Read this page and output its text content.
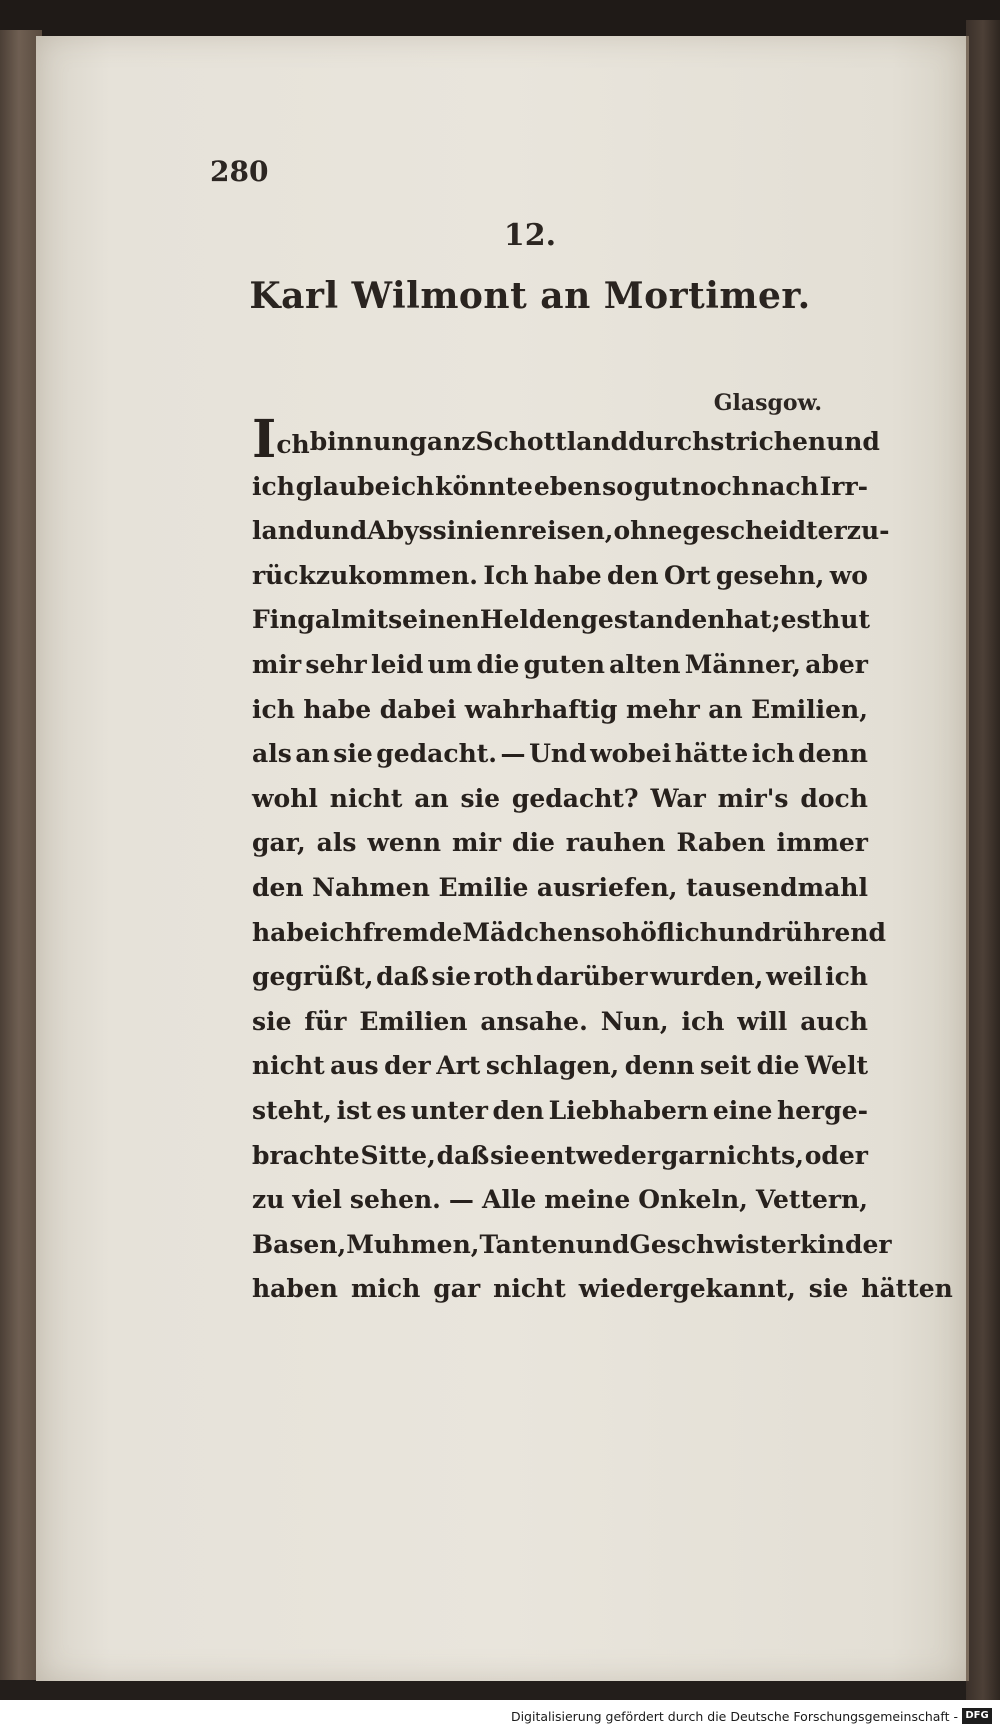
280
12.
Karl Wilmont an Mortimer.
Glasgow.
Ich bin nun ganz Schottland durchstrichen und
ich glaube ich könnte eben so gut noch nach Irr-
land und Abyssinien reisen, ohne gescheidter zu-
rückzukommen. Ich habe den Ort gesehn, wo
Fingal mit seinen Helden gestanden hat; es thut
mir sehr leid um die guten alten Männer, aber
ich habe dabei wahrhaftig mehr an Emilien,
als an sie gedacht. — Und wobei hätte ich denn
wohl nicht an sie gedacht? War mir's doch
gar, als wenn mir die rauhen Raben immer
den Nahmen Emilie ausriefen, tausendmahl
habe ich fremde Mädchen so höflich und rührend
gegrüßt, daß sie roth darüber wurden, weil ich
sie für Emilien ansahe. Nun, ich will auch
nicht aus der Art schlagen, denn seit die Welt
steht, ist es unter den Liebhabern eine herge-
brachte Sitte, daß sie entweder gar nichts, oder
zu viel sehen. — Alle meine Onkeln, Vettern,
Basen, Muhmen, Tanten und Geschwisterkinder
haben mich gar nicht wiedergekannt, sie hätten
Digitalisierung gefördert durch die Deutsche Forschungsgemeinschaft - DFG
